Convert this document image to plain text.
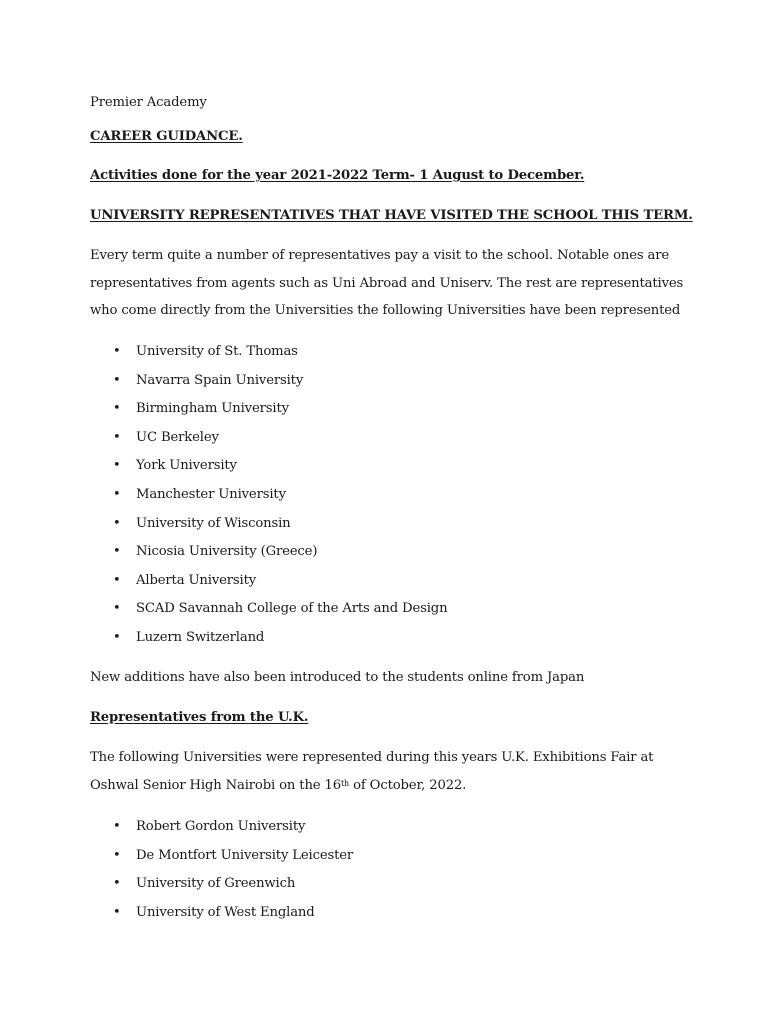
Premier Academy
CAREER GUIDANCE.
Activities done for the year 2021-2022 Term- 1 August to December.
UNIVERSITY REPRESENTATIVES THAT HAVE VISITED THE SCHOOL THIS TERM.

Every term quite a number of representatives pay a visit to the school. Notable ones are

representatives from agents such as Uni Abroad and Uniserv. The rest are representatives

who come directly from the Universities the following Universities have been represented

• University of St. Thomas
• Navarra Spain University
• Birmingham University
• UC Berkeley
• York University
• Manchester University
• University of Wisconsin
• Nicosia University (Greece)
• Alberta University
• SCAD Savannah College of the Arts and Design
• Luzern Switzerland
New additions have also been introduced to the students online from Japan
Representatives from the U.K.

The following Universities were represented during this years U.K. Exhibitions Fair at

Oshwal Senior High Nairobi on the 16th of October, 2022.

• Robert Gordon University
• De Montfort University Leicester
• University of Greenwich
• University of West England
